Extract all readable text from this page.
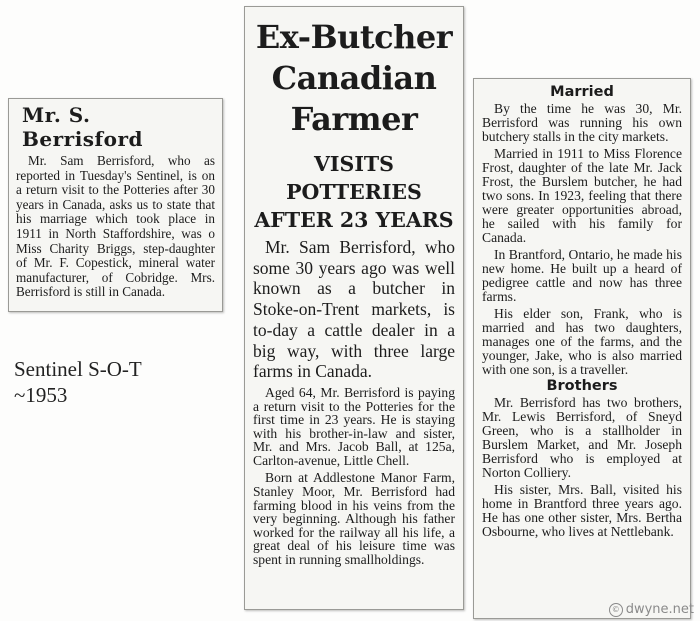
Mr. S. Berrisford

Mr. Sam Berrisford, who as reported in Tuesday's Sentinel, is on a return visit to the Potteries after 30 years in Canada, asks us to state that his marriage which took place in 1911 in North Staffordshire, was o Miss Charity Briggs, step-daughter of Mr. F. Copestick, mineral water manufacturer, of Cobridge. Mrs. Berrisford is still in Canada.

Sentinel S-O-T
~1953
Ex-Butcher
Canadian
Farmer
VISITS POTTERIES
AFTER 23 YEARS

Mr. Sam Berrisford, who some 30 years ago was well known as a butcher in Stoke-on-Trent markets, is to-day a cattle dealer in a big way, with three large farms in Canada.

Aged 64, Mr. Berrisford is paying a return visit to the Potteries for the first time in 23 years. He is staying with his brother-in-law and sister, Mr. and Mrs. Jacob Ball, at 125a, Carlton-avenue, Little Chell.

Born at Addlestone Manor Farm, Stanley Moor, Mr. Berrisford had farming blood in his veins from the very beginning. Although his father worked for the railway all his life, a great deal of his leisure time was spent in running smallholdings.

Married

By the time he was 30, Mr. Berrisford was running his own butchery stalls in the city markets.

Married in 1911 to Miss Florence Frost, daughter of the late Mr. Jack Frost, the Burslem butcher, he had two sons. In 1923, feeling that there were greater opportunities abroad, he sailed with his family for Canada.

In Brantford, Ontario, he made his new home. He built up a heard of pedigree cattle and now has three farms.

His elder son, Frank, who is married and has two daughters, manages one of the farms, and the younger, Jake, who is also married with one son, is a traveller.

Brothers

Mr. Berrisford has two brothers, Mr. Lewis Berrisford, of Sneyd Green, who is a stallholder in Burslem Market, and Mr. Joseph Berrisford who is employed at Norton Colliery.

His sister, Mrs. Ball, visited his home in Brantford three years ago. He has one other sister, Mrs. Bertha Osbourne, who lives at Nettlebank.

© dwyne.net
